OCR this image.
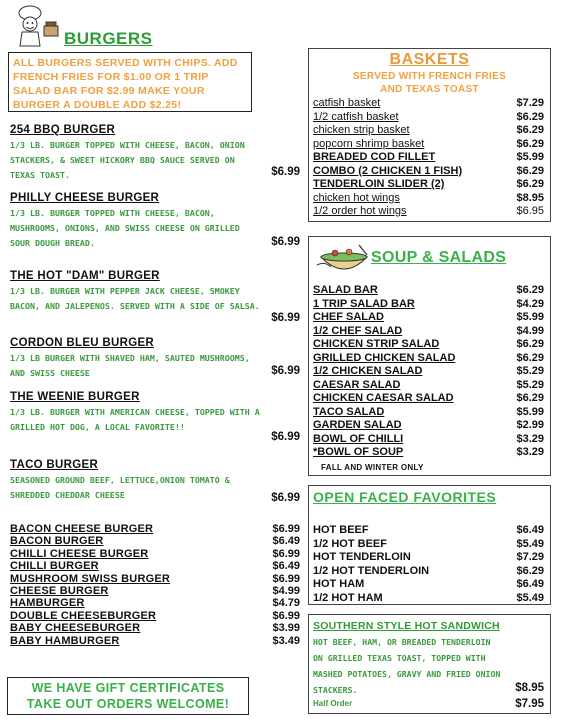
BURGERS
ALL BURGERS SERVED WITH CHIPS. ADD FRENCH FRIES FOR $1.00 OR 1 TRIP SALAD BAR FOR $2.99 MAKE YOUR BURGER A DOUBLE ADD $2.25!
254 BBQ BURGER
1/3 LB. BURGER TOPPED WITH CHEESE, BACON, ONION STACKERS, & SWEET HICKORY BBQ SAUCE SERVED ON TEXAS TOAST.	$6.99
PHILLY CHEESE BURGER
1/3 LB. BURGER TOPPED WITH CHEESE, BACON, MUSHROOMS, ONIONS, AND SWISS CHEESE ON GRILLED SOUR DOUGH BREAD.	$6.99
THE HOT "DAM" BURGER
1/3 LB. BURGER WITH PEPPER JACK CHEESE, SMOKEY BACON, AND JALEPENOS. SERVED WITH A SIDE OF SALSA.
$6.99
CORDON BLEU BURGER
1/3 LB BURGER WITH SHAVED HAM, SAUTED MUSHROOMS, AND SWISS CHEESE	$6.99
THE WEENIE BURGER
1/3 LB. BURGER WITH AMERICAN CHEESE, TOPPED WITH A GRILLED HOT DOG, A LOCAL FAVORITE!!
$6.99
TACO BURGER
SEASONED GROUND BEEF, LETTUCE,ONION TOMATO & SHREDDED CHEDDAR CHEESE	$6.99
BACON CHEESE BURGER	$6.99
BACON BURGER	$6.49
CHILLI CHEESE BURGER	$6.99
CHILLI BURGER	$6.49
MUSHROOM SWISS BURGER	$6.99
CHEESE BURGER	$4.99
HAMBURGER	$4.79
DOUBLE CHEESEBURGER	$6.99
BABY CHEESEBURGER	$3.99
BABY HAMBURGER	$3.49
WE HAVE GIFT CERTIFICATES
TAKE OUT ORDERS WELCOME!
BASKETS
SERVED WITH FRENCH FRIES
AND TEXAS TOAST
catfish basket	$7.29
1/2 catfish basket	$6.29
chicken strip basket	$6.29
popcorn shrimp basket	$6.29
BREADED COD FILLET	$5.99
COMBO (2 CHICKEN 1 FISH)	$6.29
TENDERLOIN SLIDER (2)	$6.29
chicken hot wings	$8.95
1/2 order hot wings	$6.95
SOUP & SALADS
SALAD BAR	$6.29
1 TRIP SALAD BAR	$4.29
CHEF SALAD	$5.99
1/2 CHEF SALAD	$4.99
CHICKEN STRIP SALAD	$6.29
GRILLED CHICKEN SALAD	$6.29
1/2 CHICKEN SALAD	$5.29
CAESAR SALAD	$5.29
CHICKEN CAESAR SALAD	$6.29
TACO SALAD	$5.99
GARDEN SALAD	$2.99
BOWL OF CHILLI	$3.29
*BOWL OF SOUP	$3.29
FALL AND WINTER ONLY
OPEN FACED FAVORITES
HOT BEEF	$6.49
1/2 HOT BEEF	$5.49
HOT TENDERLOIN	$7.29
1/2 HOT TENDERLOIN	$6.29
HOT HAM	$6.49
1/2 HOT HAM	$5.49
SOUTHERN STYLE HOT SANDWICH
HOT BEEF, HAM, OR BREADED TENDERLOIN ON GRILLED TEXAS TOAST, TOPPED WITH MASHED POTATOES, GRAVY AND FRIED ONION STACKERS.	$8.95
Half Order	$7.95
